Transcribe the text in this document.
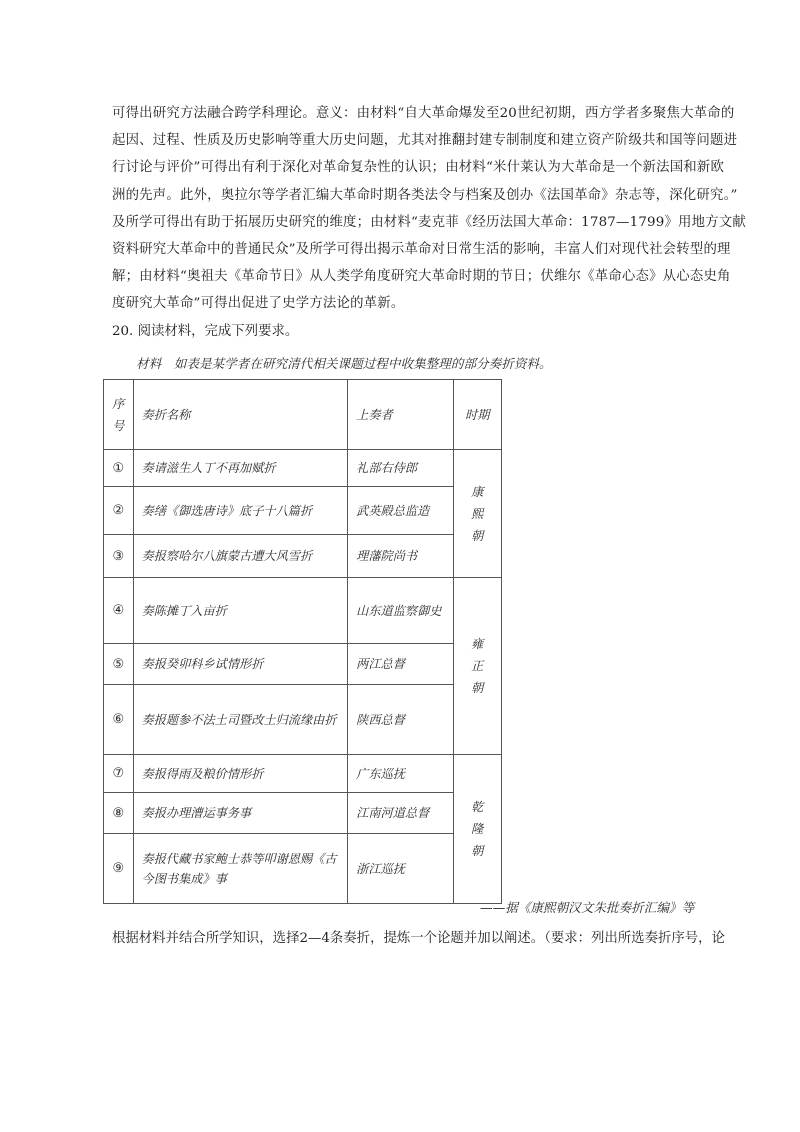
可得出研究方法融合跨学科理论。意义：由材料“自大革命爆发至20世纪初期，西方学者多聚焦大革命的

起因、过程、性质及历史影响等重大历史问题，尤其对推翻封建专制制度和建立资产阶级共和国等问题进

行讨论与评价”可得出有利于深化对革命复杂性的认识；由材料“米什莱认为大革命是一个新法国和新欧

洲的先声。此外，奥拉尔等学者汇编大革命时期各类法令与档案及创办《法国革命》杂志等，深化研究。”

及所学可得出有助于拓展历史研究的维度；由材料“麦克菲《经历法国大革命：1787—1799》用地方文献

资料研究大革命中的普通民众”及所学可得出揭示革命对日常生活的影响，丰富人们对现代社会转型的理

解；由材料“奥祖夫《革命节日》从人类学角度研究大革命时期的节日；伏维尔《革命心态》从心态史角

度研究大革命”可得出促进了史学方法论的革新。

20. 阅读材料，完成下列要求。
材料　如表是某学者在研究清代相关课题过程中收集整理的部分奏折资料。
序号	奏折名称	上奏者	时期
①	奏请滋生人丁不再加赋折	礼部右侍郎	康熙朝
②	奏缮《御选唐诗》底子十八篇折	武英殿总监造	
③	奏报察哈尔八旗蒙古遭大风雪折	理藩院尚书	
④	奏陈摊丁入亩折	山东道监察御史	雍正朝
⑤	奏报癸卯科乡试情形折	两江总督	
⑥	奏报题参不法土司暨改土归流缘由折	陕西总督	
⑦	奏报得雨及粮价情形折	广东巡抚	乾隆朝
⑧	奏报办理漕运事务事	江南河道总督	
⑨	奏报代藏书家鲍士恭等叩谢恩赐《古今图书集成》事	浙江巡抚	
——据《康熙朝汉文朱批奏折汇编》等
根据材料并结合所学知识，选择2—4条奏折，提炼一个论题并加以阐述。（要求：列出所选奏折序号，论
